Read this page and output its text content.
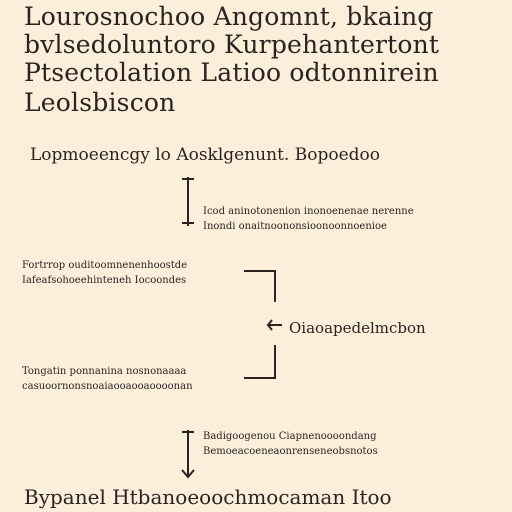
Lourosnochoo Angomnt, bkaing
bvlsedoluntoro Kurpehantertont
Ptsectolation Latioo odtonnirein
Leolsbiscon
Lopmoeencgy lo Aosklgenunt. Bopoedoo
Icod aninotonenion inonoenenae nerenne
Inondi onaitnoononsioonoonnoenioe
Fortrrop ouditoomnenenhoostde
Iafeafsohoeehinteneh Iocoondes
Oiaoapedelmcbon
Tongatin ponnanina nosnonaaaa
casuoornonsnoaiaooaooaoooonan
Badigoogenou Ciapnenoooondang
Bemoeacoeneaonrenseneobsnotos
Bypanel Htbanoeoochmocaman Itoo
